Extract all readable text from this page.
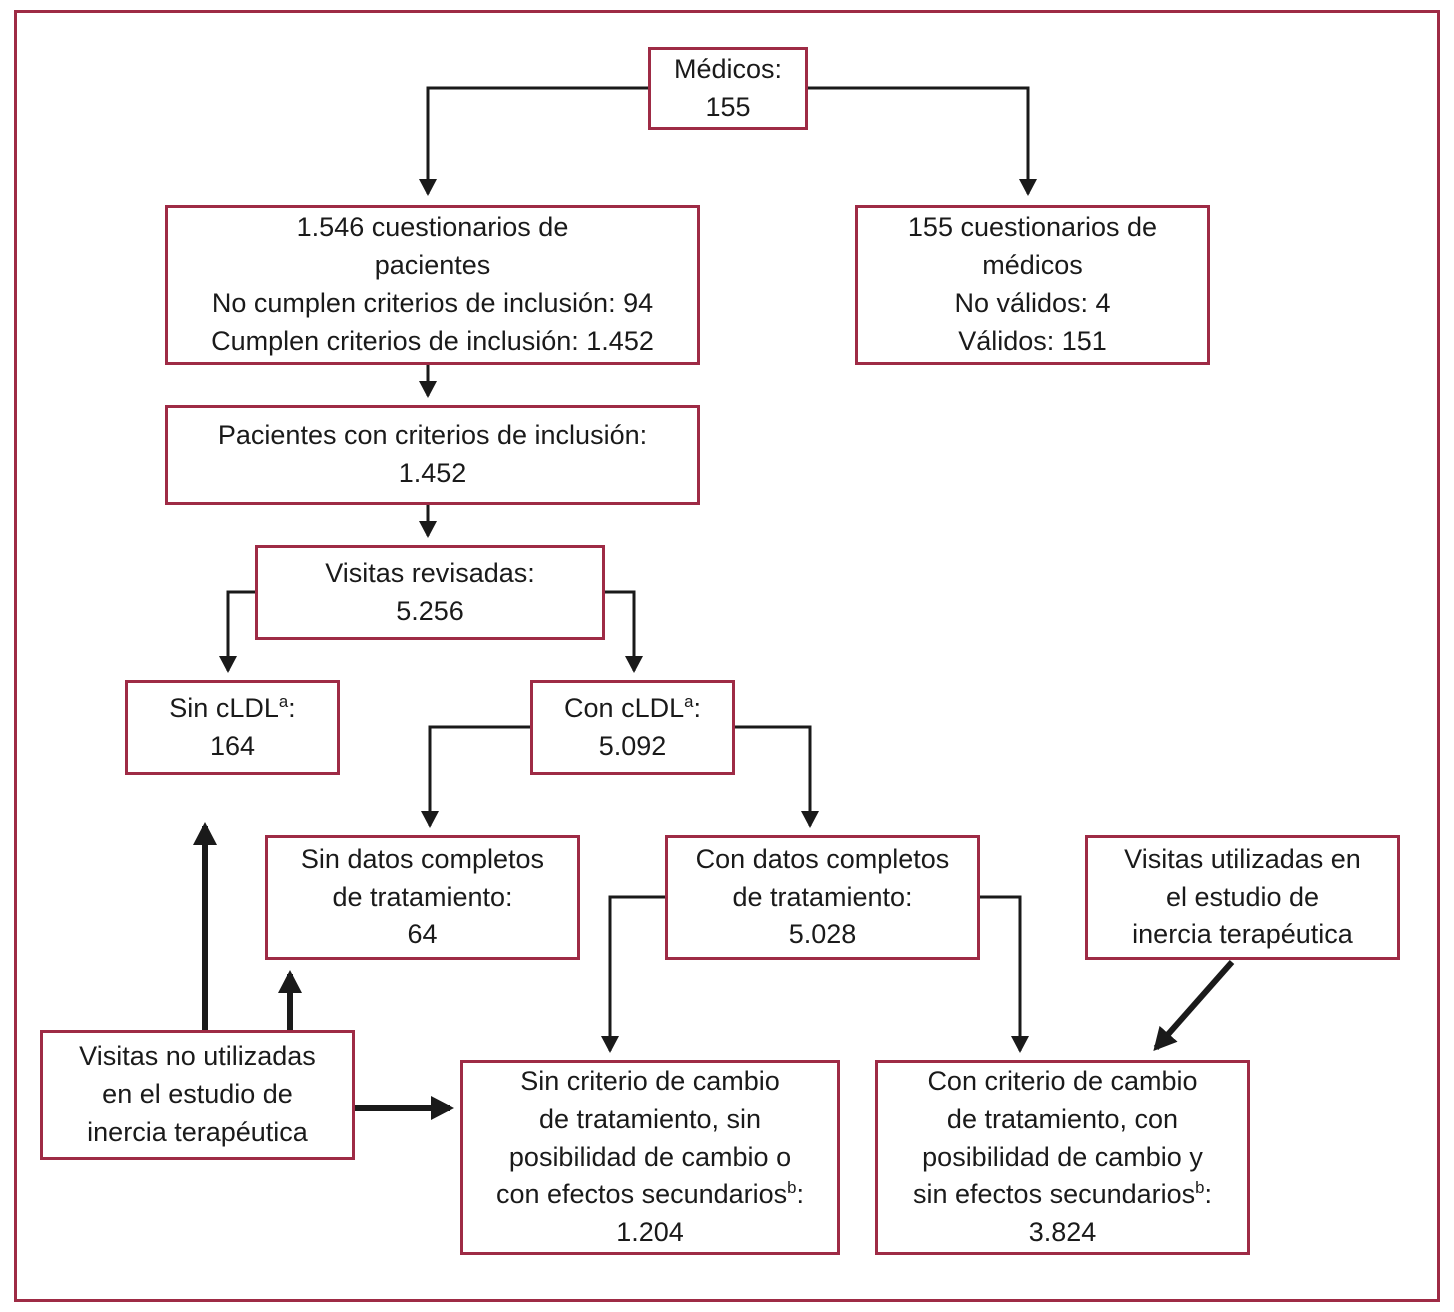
Médicos:
155
1.546 cuestionarios de
pacientes
No cumplen criterios de inclusión: 94
Cumplen criterios de inclusión: 1.452
155 cuestionarios de
médicos
No válidos: 4
Válidos: 151
Pacientes con criterios de inclusión:
1.452
Visitas revisadas:
5.256
Sin cLDL$^a$:
164
Con cLDL$^a$:
5.092
Sin datos completos
de tratamiento:
64
Con datos completos
de tratamiento:
5.028
Visitas utilizadas en
el estudio de
inercia terapéutica
Sin criterio de cambio
de tratamiento, sin
posibilidad de cambio o
con efectos secundarios$^b$:
1.204
Con criterio de cambio
de tratamiento, con
posibilidad de cambio y
sin efectos secundarios$^b$:
3.824
Visitas no utilizadas
en el estudio de
inercia terapéutica
